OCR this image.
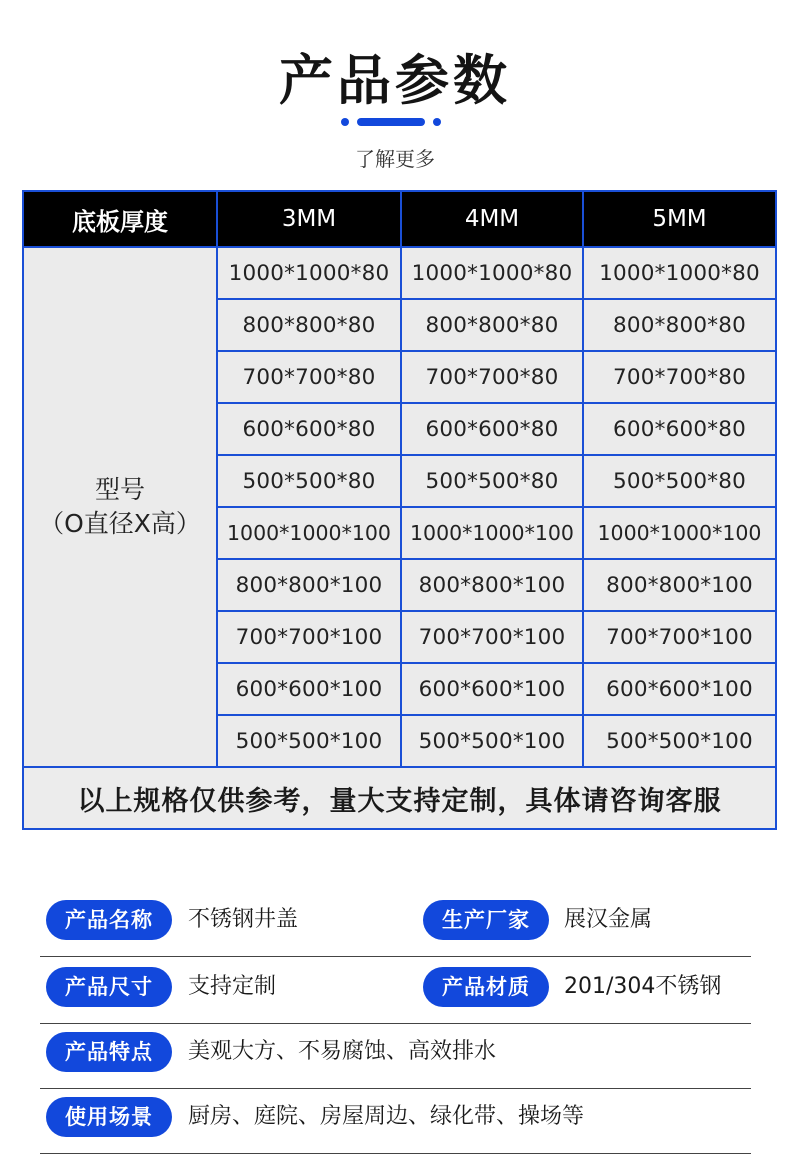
产品参数
了解更多
底板厚度	3MM	4MM	5MM

型号
（O直径X高）	1000*1000*80	1000*1000*80	1000*1000*80
	800*800*80	800*800*80	800*800*80
	700*700*80	700*700*80	700*700*80
	600*600*80	600*600*80	600*600*80
	500*500*80	500*500*80	500*500*80
	1000*1000*100	1000*1000*100	1000*1000*100
	800*800*100	800*800*100	800*800*100
	700*700*100	700*700*100	700*700*100
	600*600*100	600*600*100	600*600*100
	500*500*100	500*500*100	500*500*100
以上规格仅供参考，量大支持定制，具体请咨询客服			
产品名称	不锈钢井盖	生产厂家	展汉金属
产品尺寸	支持定制	产品材质	201/304不锈钢
产品特点	美观大方、不易腐蚀、高效排水
使用场景	厨房、庭院、房屋周边、绿化带、操场等
